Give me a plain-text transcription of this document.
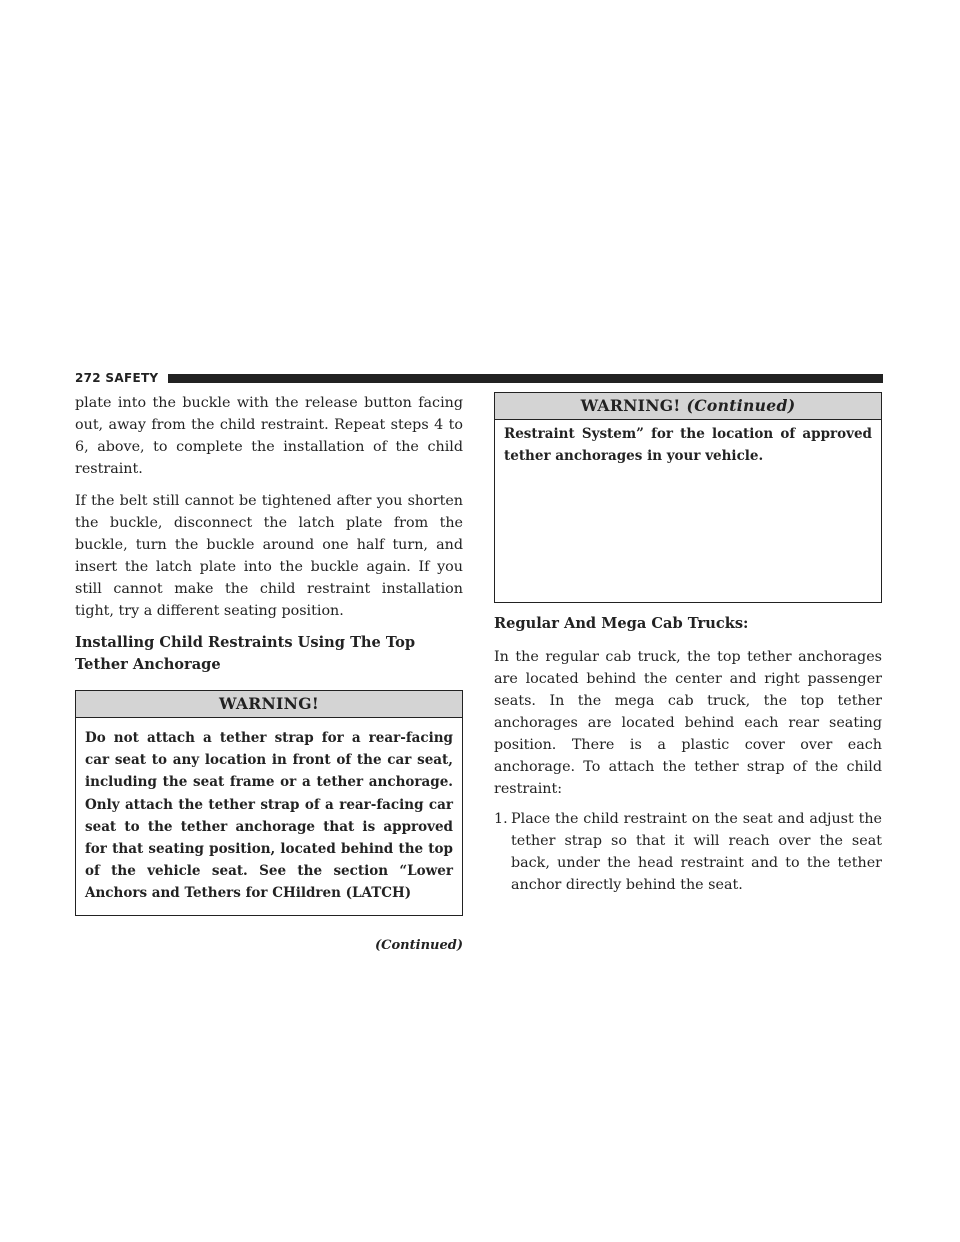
272 SAFETY

plate into the buckle with the release button facing out, away from the child restraint. Repeat steps 4 to 6, above, to complete the installation of the child restraint.

If the belt still cannot be tightened after you shorten the buckle, disconnect the latch plate from the buckle, turn the buckle around one half turn, and insert the latch plate into the buckle again. If you still cannot make the child restraint installation tight, try a different seating position.

Installing Child Restraints Using The Top Tether Anchorage

WARNING!
Do not attach a tether strap for a rear-facing car seat to any location in front of the car seat, including the seat frame or a tether anchorage. Only attach the tether strap of a rear-facing car seat to the tether anchorage that is approved for that seating position, located behind the top of the vehicle seat. See the section “Lower Anchors and Tethers for CHildren (LATCH)
(Continued)
WARNING! (Continued)
Restraint System” for the location of approved tether anchorages in your vehicle.

Regular And Mega Cab Trucks:

In the regular cab truck, the top tether anchorages are located behind the center and right passenger seats. In the mega cab truck, the top tether anchorages are located behind each rear seating position. There is a plastic cover over each anchorage. To attach the tether strap of the child restraint:

1. Place the child restraint on the seat and adjust the tether strap so that it will reach over the seat back, under the head restraint and to the tether anchor directly behind the seat.
